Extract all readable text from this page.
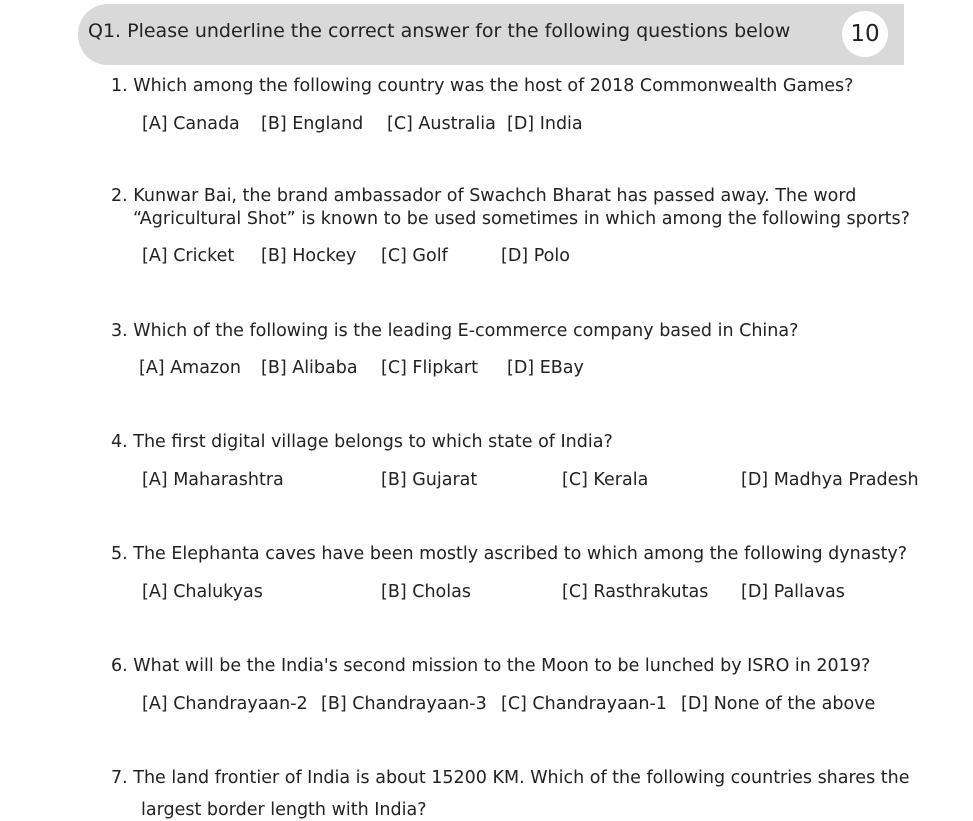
Q1. Please underline the correct answer for the following questions below	10
1. Which among the following country was the host of 2018 Commonwealth Games?
[A] Canada [B] England [C] Australia [D] India
2. Kunwar Bai, the brand ambassador of Swachch Bharat has passed away. The word
“Agricultural Shot” is known to be used sometimes in which among the following sports?
[A] Cricket [B] Hockey [C] Golf	[D] Polo
3. Which of the following is the leading E-commerce company based in China?
[A] Amazon [B] Alibaba [C] Flipkart [D] EBay
4. The first digital village belongs to which state of India?
[A] Maharashtra	[B] Gujarat	[C] Kerala	[D] Madhya Pradesh
5. The Elephanta caves have been mostly ascribed to which among the following dynasty?
[A] Chalukyas	[B] Cholas	[C] Rasthrakutas [D] Pallavas
6. What will be the India's second mission to the Moon to be lunched by ISRO in 2019?
[A] Chandrayaan-2 [B] Chandrayaan-3 [C] Chandrayaan-1 [D] None of the above
7. The land frontier of India is about 15200 KM. Which of the following countries shares the
largest border length with India?
